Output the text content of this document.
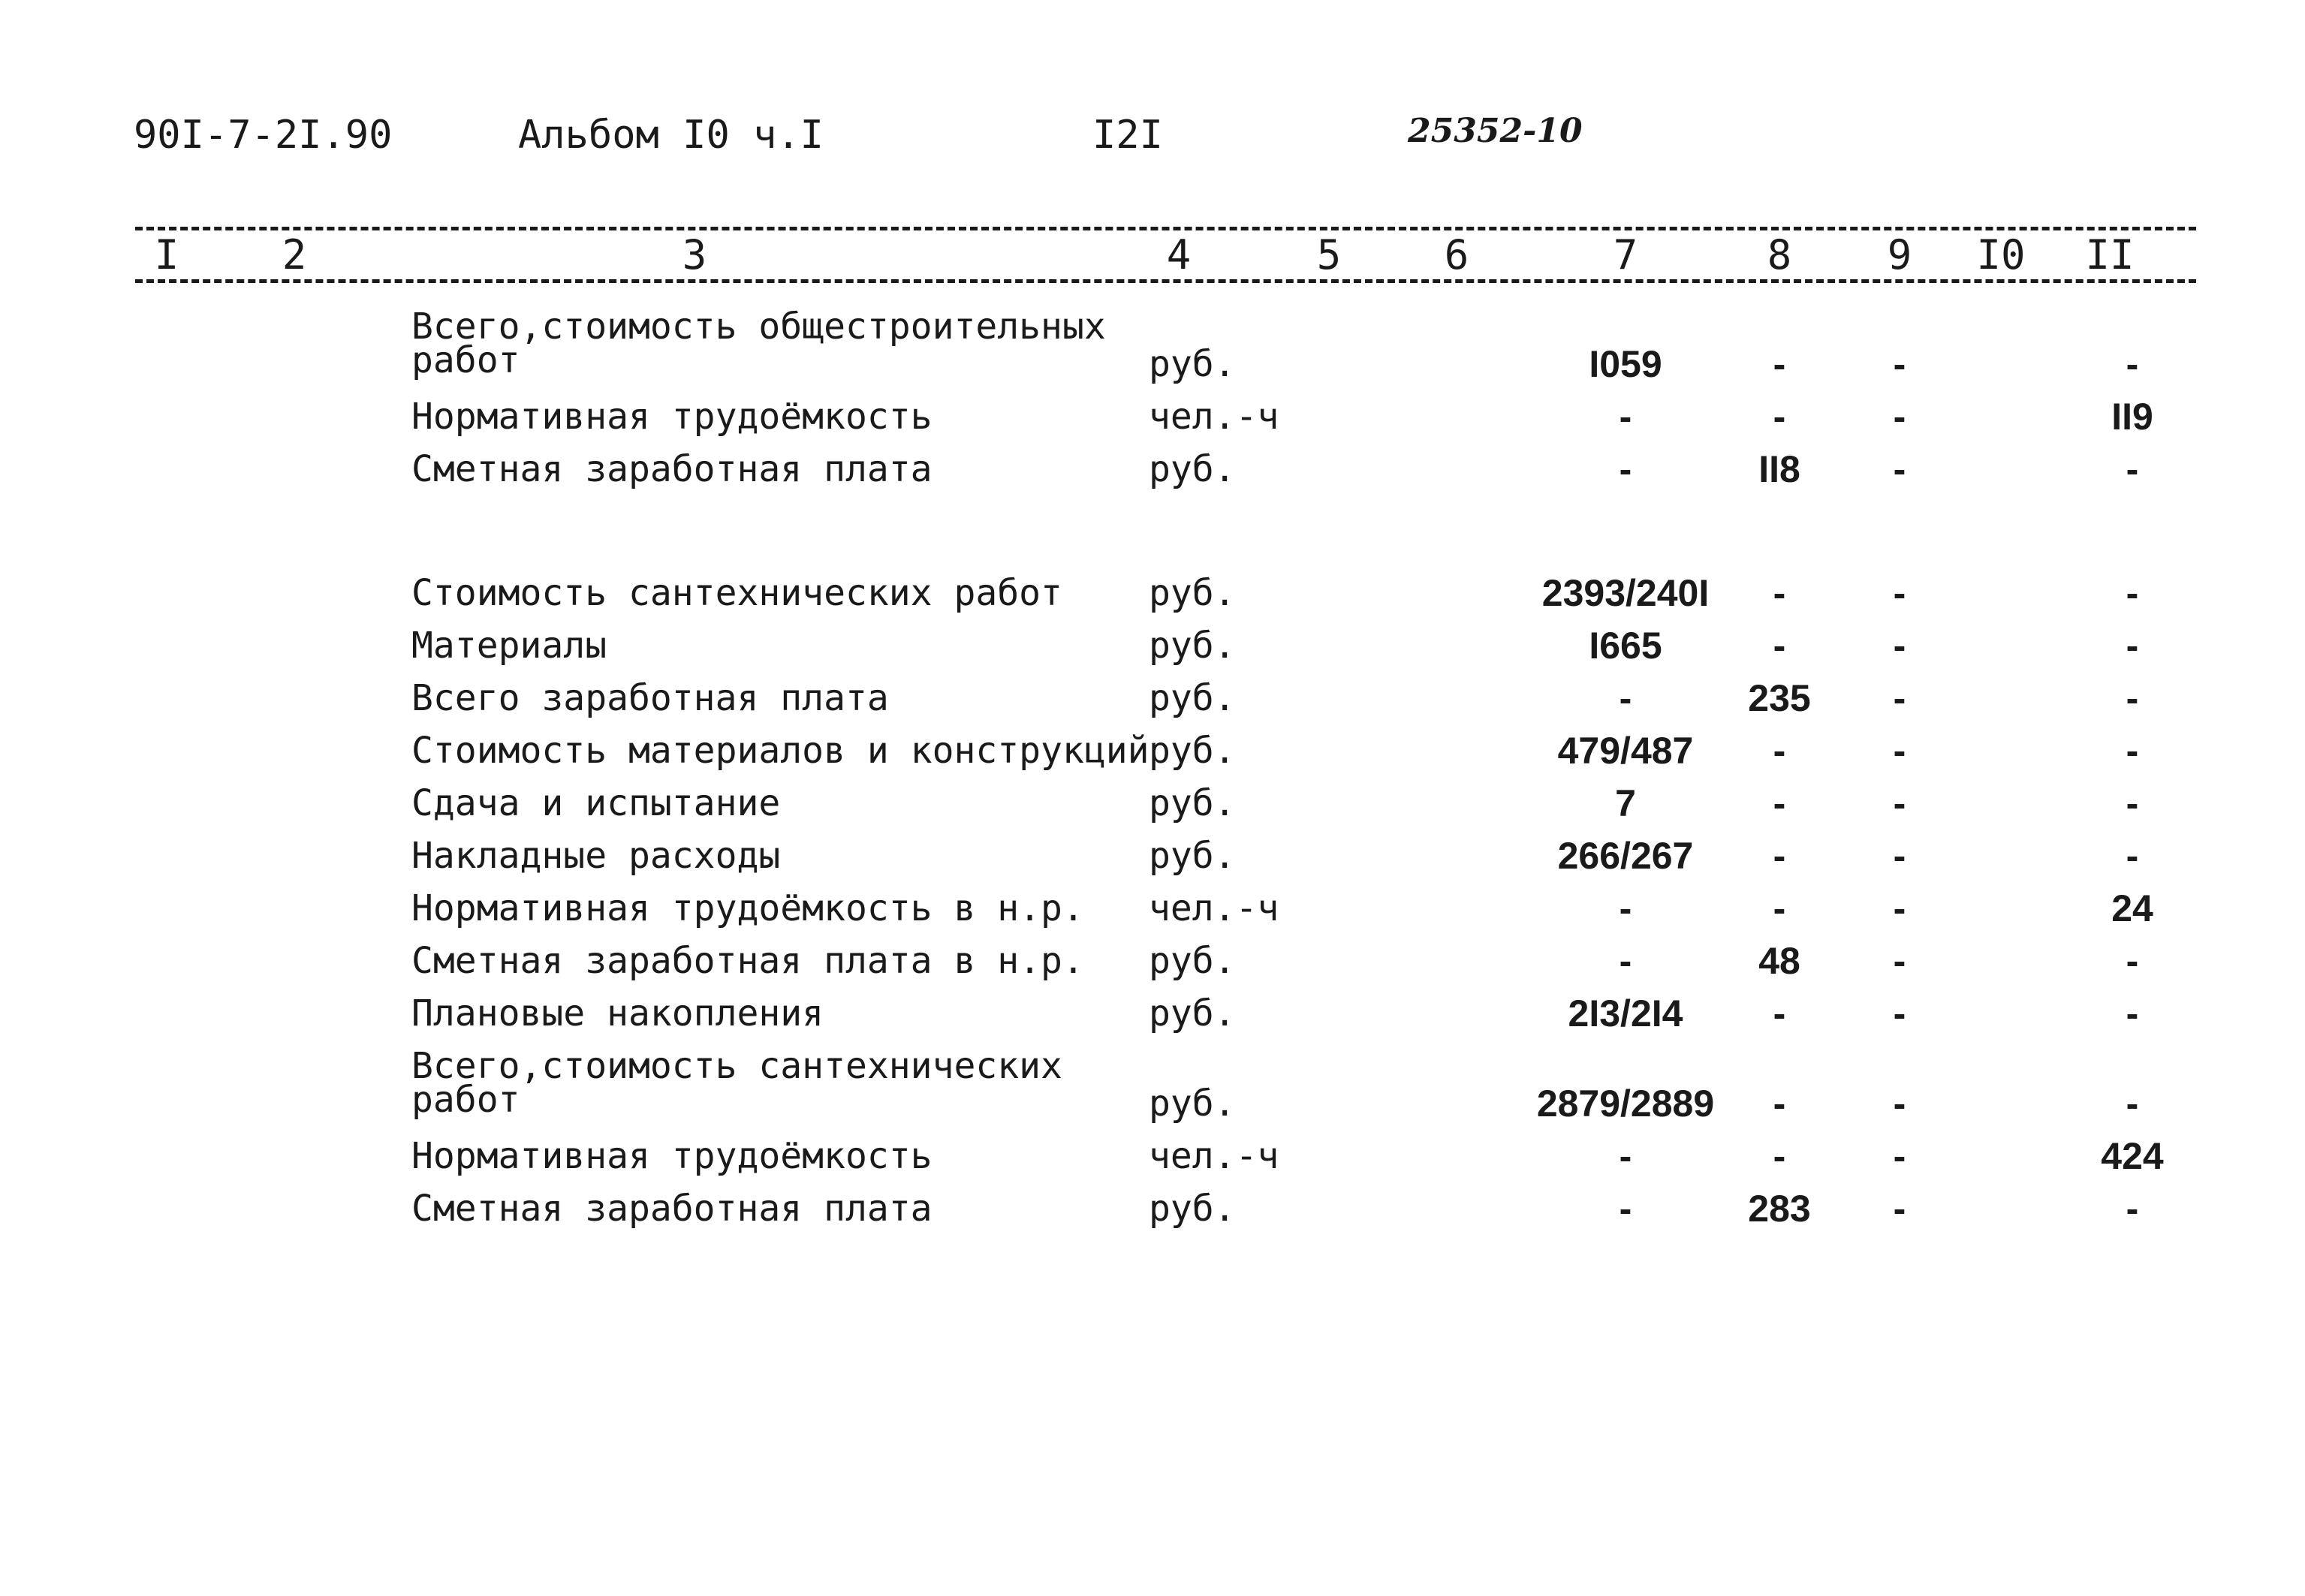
90I-7-2I.90	Альбом I0 ч.I	I2I	25352-10
I	2	3	4	5	6	7	8	9	I0 II
Всего,стоимость общестроительных
работ	руб.	I059	-	-	-
Нормативная трудоёмкость	чел.-ч	-	-	-	II9
Сметная заработная плата	руб.	-	II8	-	-
Стоимость сантехнических работ руб.	2393/240I	-	-	-
Материалы	руб.	I665	-	-	-
Всего заработная плата	руб.	-	235	-	-
Стоимость материалов и конструкций руб.	479/487	-	-	-
Сдача и испытание	руб.	7	-	-	-
Накладные расходы	руб.	266/267	-	-	-
Нормативная трудоёмкость в н.р. чел.-ч	-	-	-	24
Сметная заработная плата в н.р. руб.	-	48	-	-
Плановые накопления	руб.	2I3/2I4	-	-	-
Всего,стоимость сантехнических
работ	руб.	2879/2889	-	-	-
Нормативная трудоёмкость	чел.-ч	-	-	-	424
Сметная заработная плата	руб.	-	283	-	-
